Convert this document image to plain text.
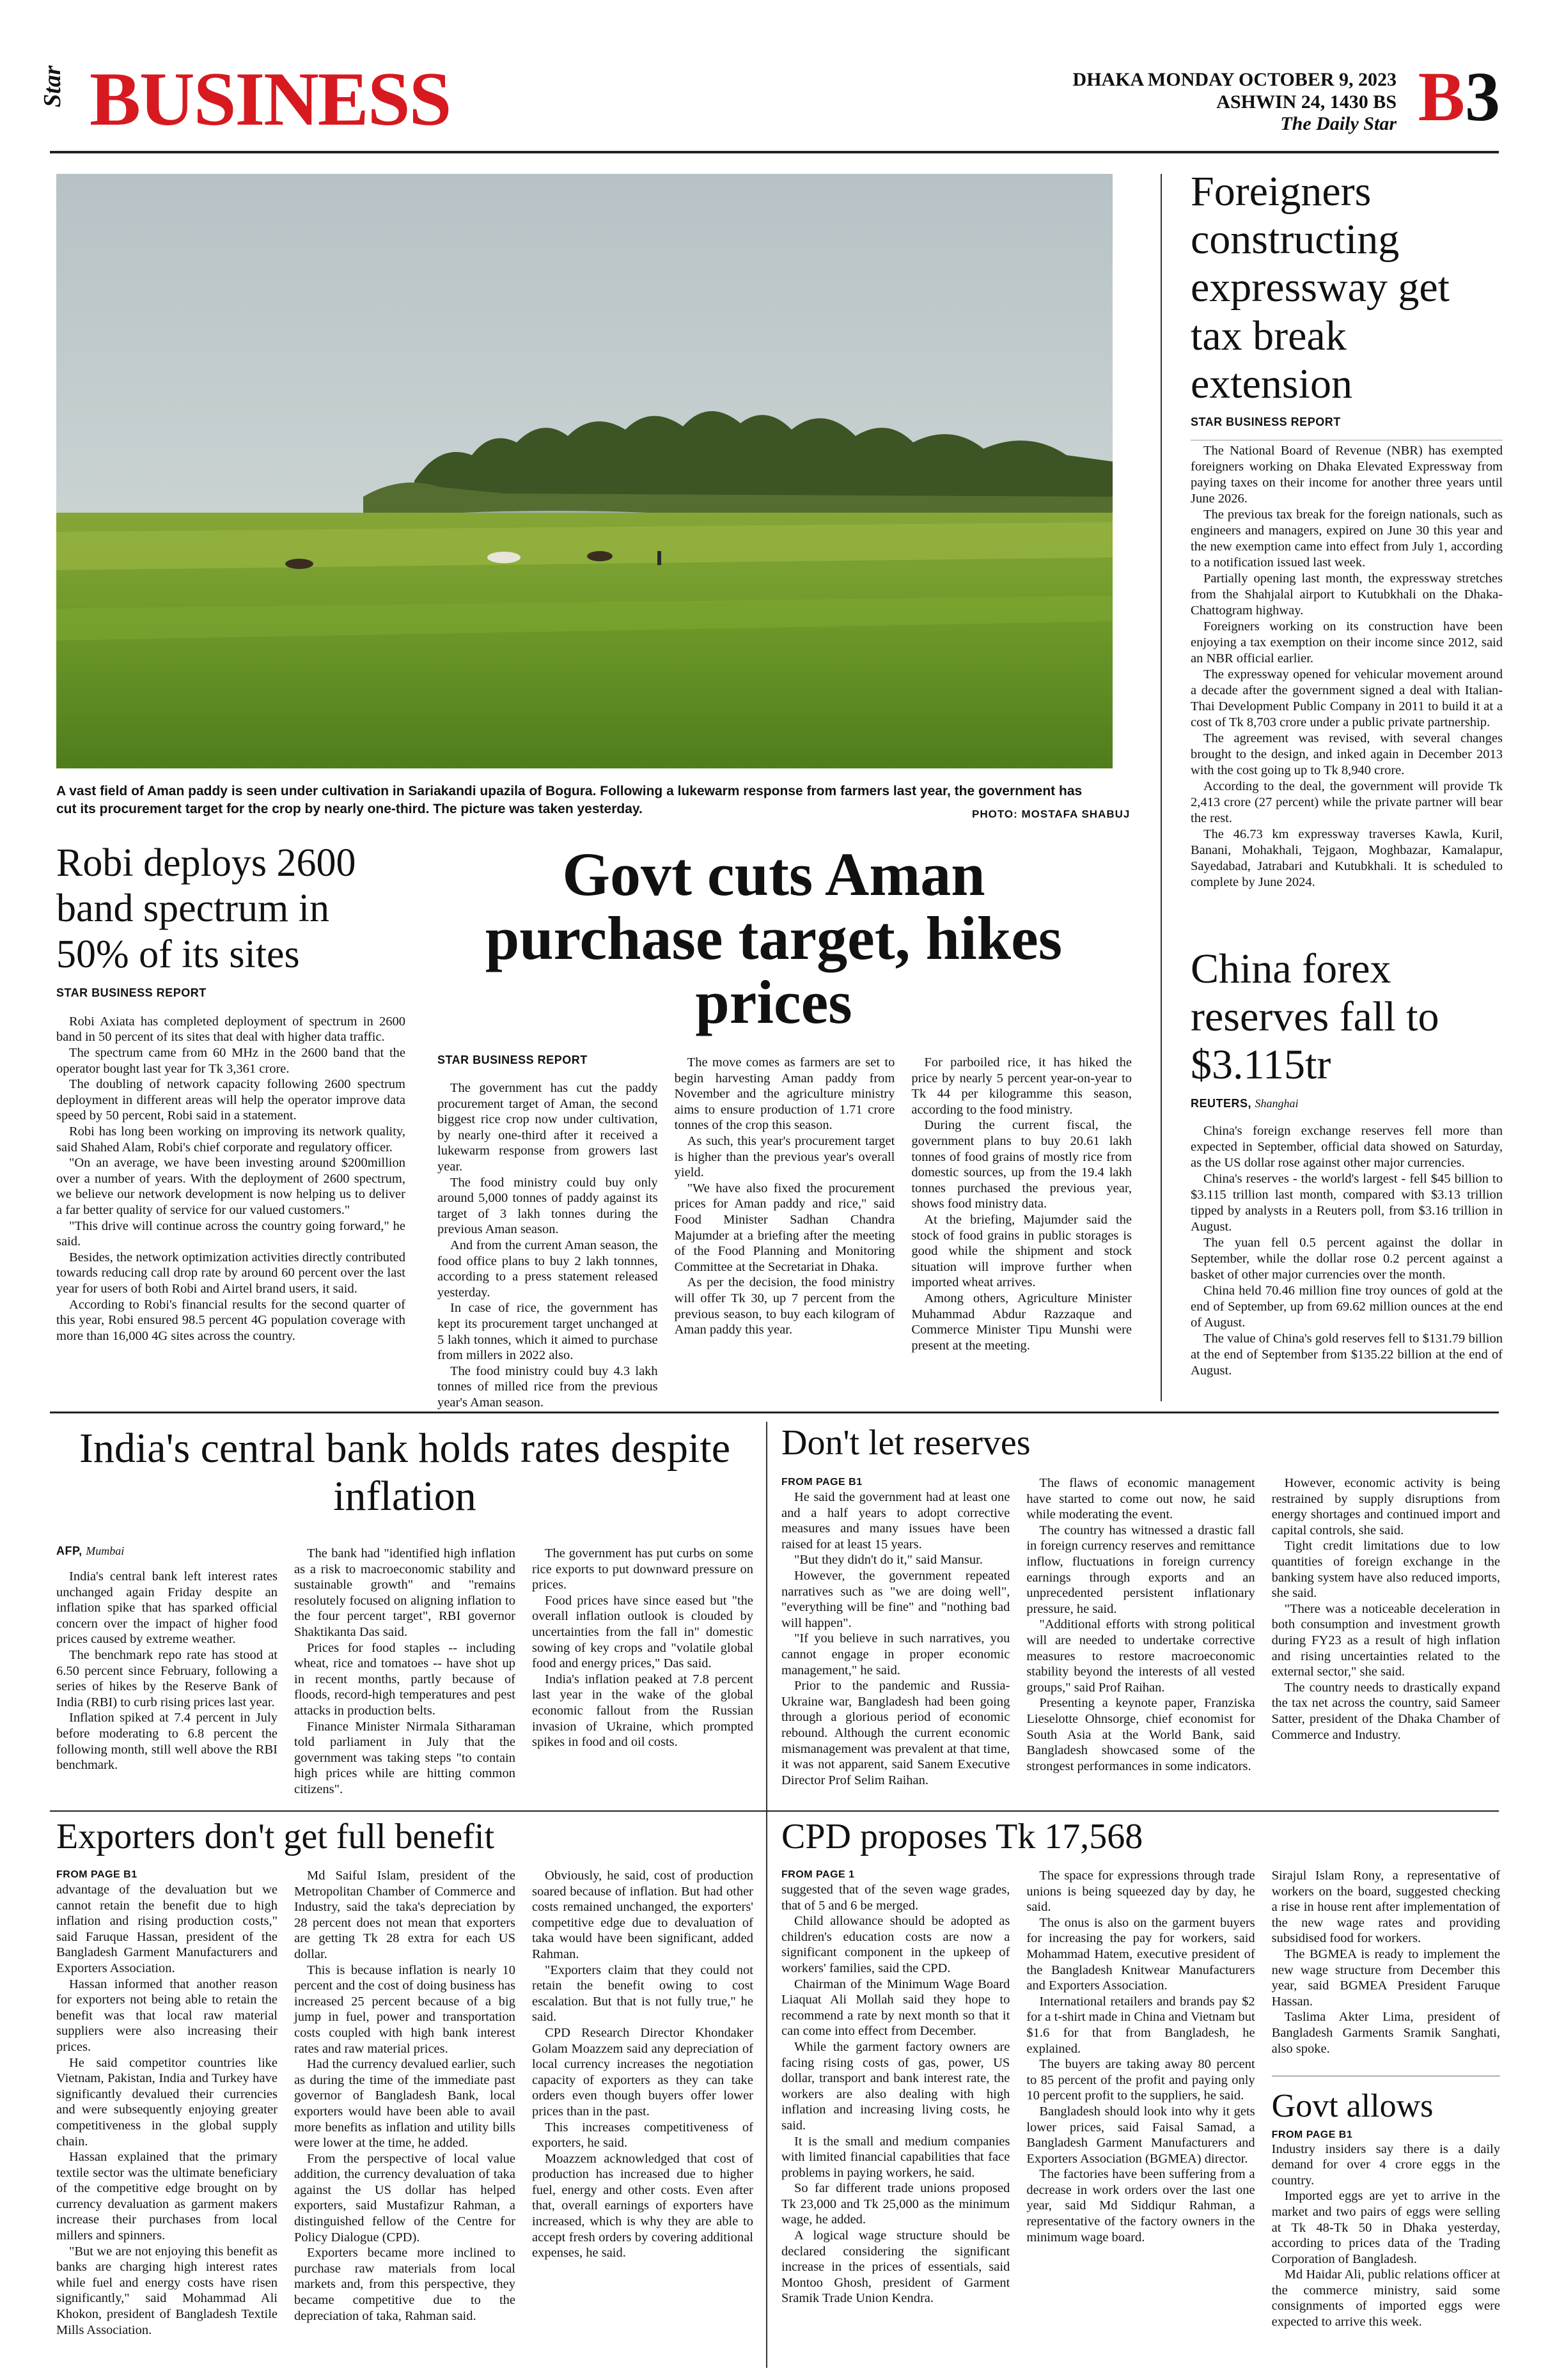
Star BUSINESS	DHAKA MONDAY OCTOBER 9, 2023
ASHWIN 24, 1430 BS
The Daily Star B3
A vast field of Aman paddy is seen under cultivation in Sariakandi upazila of Bogura. Following a lukewarm response from farmers last year, the government has cut its procurement target for the crop by nearly one-third. The picture was taken yesterday.	PHOTO: MOSTAFA SHABUJ
Foreigners constructing expressway get tax break extension
STAR BUSINESS REPORT

The National Board of Revenue (NBR) has exempted foreigners working on Dhaka Elevated Expressway from paying taxes on their income for another three years until June 2026.

The previous tax break for the foreign nationals, such as engineers and managers, expired on June 30 this year and the new exemption came into effect from July 1, according to a notification issued last week.

Partially opening last month, the expressway stretches from the Shahjalal airport to Kutubkhali on the Dhaka-Chattogram highway.

Foreigners working on its construction have been enjoying a tax exemption on their income since 2012, said an NBR official earlier.

The expressway opened for vehicular movement around a decade after the government signed a deal with Italian-Thai Development Public Company in 2011 to build it at a cost of Tk 8,703 crore under a public private partnership.

The agreement was revised, with several changes brought to the design, and inked again in December 2013 with the cost going up to Tk 8,940 crore.

According to the deal, the government will provide Tk 2,413 crore (27 percent) while the private partner will bear the rest.

The 46.73 km expressway traverses Kawla, Kuril, Banani, Mohakhali, Tejgaon, Moghbazar, Kamalapur, Sayedabad, Jatrabari and Kutubkhali. It is scheduled to complete by June 2024.

China forex reserves fall to $3.115tr
REUTERS, Shanghai

China's foreign exchange reserves fell more than expected in September, official data showed on Saturday, as the US dollar rose against other major currencies.

China's reserves - the world's largest - fell $45 billion to $3.115 trillion last month, compared with $3.13 trillion tipped by analysts in a Reuters poll, from $3.16 trillion in August.

The yuan fell 0.5 percent against the dollar in September, while the dollar rose 0.2 percent against a basket of other major currencies over the month.

China held 70.46 million fine troy ounces of gold at the end of September, up from 69.62 million ounces at the end of August.

The value of China's gold reserves fell to $131.79 billion at the end of September from $135.22 billion at the end of August.

Robi deploys 2600 band spectrum in 50% of its sites
STAR BUSINESS REPORT

Robi Axiata has completed deployment of spectrum in 2600 band in 50 percent of its sites that deal with higher data traffic.

The spectrum came from 60 MHz in the 2600 band that the operator bought last year for Tk 3,361 crore.

The doubling of network capacity following 2600 spectrum deployment in different areas will help the operator improve data speed by 50 percent, Robi said in a statement.

Robi has long been working on improving its network quality, said Shahed Alam, Robi's chief corporate and regulatory officer.

"On an average, we have been investing around $200million over a number of years. With the deployment of 2600 spectrum, we believe our network development is now helping us to deliver a far better quality of service for our valued customers."

"This drive will continue across the country going forward," he said.

Besides, the network optimization activities directly contributed towards reducing call drop rate by around 60 percent over the last year for users of both Robi and Airtel brand users, it said.

According to Robi's financial results for the second quarter of this year, Robi ensured 98.5 percent 4G population coverage with more than 16,000 4G sites across the country.

Govt cuts Aman purchase target, hikes prices
STAR BUSINESS REPORT

The government has cut the paddy procurement target of Aman, the second biggest rice crop now under cultivation, by nearly one-third after it received a lukewarm response from growers last year.

The food ministry could buy only around 5,000 tonnes of paddy against its target of 3 lakh tonnes during the previous Aman season.

And from the current Aman season, the food office plans to buy 2 lakh tonnnes, according to a press statement released yesterday.

In case of rice, the government has kept its procurement target unchanged at 5 lakh tonnes, which it aimed to purchase from millers in 2022 also.

The food ministry could buy 4.3 lakh tonnes of milled rice from the previous year's Aman season.

The move comes as farmers are set to begin harvesting Aman paddy from November and the agriculture ministry aims to ensure production of 1.71 crore tonnes of the crop this season.

As such, this year's procurement target is higher than the previous year's overall yield.

"We have also fixed the procurement prices for Aman paddy and rice," said Food Minister Sadhan Chandra Majumder at a briefing after the meeting of the Food Planning and Monitoring Committee at the Secretariat in Dhaka.

As per the decision, the food ministry will offer Tk 30, up 7 percent from the previous season, to buy each kilogram of Aman paddy this year.

For parboiled rice, it has hiked the price by nearly 5 percent year-on-year to Tk 44 per kilogramme this season, according to the food ministry.

During the current fiscal, the government plans to buy 20.61 lakh tonnes of food grains of mostly rice from domestic sources, up from the 19.4 lakh tonnes purchased the previous year, shows food ministry data.

At the briefing, Majumder said the stock of food grains in public storages is good while the shipment and stock situation will improve further when imported wheat arrives.

Among others, Agriculture Minister Muhammad Abdur Razzaque and Commerce Minister Tipu Munshi were present at the meeting.

India's central bank holds rates despite inflation
AFP, Mumbai

India's central bank left interest rates unchanged again Friday despite an inflation spike that has sparked official concern over the impact of higher food prices caused by extreme weather.

The benchmark repo rate has stood at 6.50 percent since February, following a series of hikes by the Reserve Bank of India (RBI) to curb rising prices last year.

Inflation spiked at 7.4 percent in July before moderating to 6.8 percent the following month, still well above the RBI benchmark.

The bank had "identified high inflation as a risk to macroeconomic stability and sustainable growth" and "remains resolutely focused on aligning inflation to the four percent target", RBI governor Shaktikanta Das said.

Prices for food staples -- including wheat, rice and tomatoes -- have shot up in recent months, partly because of floods, record-high temperatures and pest attacks in production belts.

Finance Minister Nirmala Sitharaman told parliament in July that the government was taking steps "to contain high prices while are hitting common citizens".

The government has put curbs on some rice exports to put downward pressure on prices.

Food prices have since eased but "the overall inflation outlook is clouded by uncertainties from the fall in" domestic sowing of key crops and "volatile global food and energy prices," Das said.

India's inflation peaked at 7.8 percent last year in the wake of the global economic fallout from the Russian invasion of Ukraine, which prompted spikes in food and oil costs.

Don't let reserves
FROM PAGE B1

He said the government had at least one and a half years to adopt corrective measures and many issues have been raised for at least 15 years.

"But they didn't do it," said Mansur.

However, the government repeated narratives such as "we are doing well", "everything will be fine" and "nothing bad will happen".

"If you believe in such narratives, you cannot engage in proper economic management," he said.

Prior to the pandemic and Russia-Ukraine war, Bangladesh had been going through a glorious period of economic rebound. Although the current economic mismanagement was prevalent at that time, it was not apparent, said Sanem Executive Director Prof Selim Raihan.

The flaws of economic management have started to come out now, he said while moderating the event.

The country has witnessed a drastic fall in foreign currency reserves and remittance inflow, fluctuations in foreign currency earnings through exports and an unprecedented persistent inflationary pressure, he said.

"Additional efforts with strong political will are needed to undertake corrective measures to restore macroeconomic stability beyond the interests of all vested groups," said Prof Raihan.

Presenting a keynote paper, Franziska Lieselotte Ohnsorge, chief economist for South Asia at the World Bank, said Bangladesh showcased some of the strongest performances in some indicators.

However, economic activity is being restrained by supply disruptions from energy shortages and continued import and capital controls, she said.

Tight credit limitations due to low quantities of foreign exchange in the banking system have also reduced imports, she said.

"There was a noticeable deceleration in both consumption and investment growth during FY23 as a result of high inflation and rising uncertainties related to the external sector," she said.

The country needs to drastically expand the tax net across the country, said Sameer Satter, president of the Dhaka Chamber of Commerce and Industry.

Exporters don't get full benefit
FROM PAGE B1

advantage of the devaluation but we cannot retain the benefit due to high inflation and rising production costs," said Faruque Hassan, president of the Bangladesh Garment Manufacturers and Exporters Association.

Hassan informed that another reason for exporters not being able to retain the benefit was that local raw material suppliers were also increasing their prices.

He said competitor countries like Vietnam, Pakistan, India and Turkey have significantly devalued their currencies and were subsequently enjoying greater competitiveness in the global supply chain.

Hassan explained that the primary textile sector was the ultimate beneficiary of the competitive edge brought on by currency devaluation as garment makers increase their purchases from local millers and spinners.

"But we are not enjoying this benefit as banks are charging high interest rates while fuel and energy costs have risen significantly," said Mohammad Ali Khokon, president of Bangladesh Textile Mills Association.

Md Saiful Islam, president of the Metropolitan Chamber of Commerce and Industry, said the taka's depreciation by 28 percent does not mean that exporters are getting Tk 28 extra for each US dollar.

This is because inflation is nearly 10 percent and the cost of doing business has increased 25 percent because of a big jump in fuel, power and transportation costs coupled with high bank interest rates and raw material prices.

Had the currency devalued earlier, such as during the time of the immediate past governor of Bangladesh Bank, local exporters would have been able to avail more benefits as inflation and utility bills were lower at the time, he added.

From the perspective of local value addition, the currency devaluation of taka against the US dollar has helped exporters, said Mustafizur Rahman, a distinguished fellow of the Centre for Policy Dialogue (CPD).

Exporters became more inclined to purchase raw materials from local markets and, from this perspective, they became competitive due to the depreciation of taka, Rahman said.

Obviously, he said, cost of production soared because of inflation. But had other costs remained unchanged, the exporters' competitive edge due to devaluation of taka would have been significant, added Rahman.

"Exporters claim that they could not retain the benefit owing to cost escalation. But that is not fully true," he said.

CPD Research Director Khondaker Golam Moazzem said any depreciation of local currency increases the negotiation capacity of exporters as they can take orders even though buyers offer lower prices than in the past.

This increases competitiveness of exporters, he said.

Moazzem acknowledged that cost of production has increased due to higher fuel, energy and other costs. Even after that, overall earnings of exporters have increased, which is why they are able to accept fresh orders by covering additional expenses, he said.

CPD proposes Tk 17,568
FROM PAGE 1

suggested that of the seven wage grades, that of 5 and 6 be merged.

Child allowance should be adopted as children's education costs are now a significant component in the upkeep of workers' families, said the CPD.

Chairman of the Minimum Wage Board Liaquat Ali Mollah said they hope to recommend a rate by next month so that it can come into effect from December.

While the garment factory owners are facing rising costs of gas, power, US dollar, transport and bank interest rate, the workers are also dealing with high inflation and increasing living costs, he said.

It is the small and medium companies with limited financial capabilities that face problems in paying workers, he said.

So far different trade unions proposed Tk 23,000 and Tk 25,000 as the minimum wage, he added.

A logical wage structure should be declared considering the significant increase in the prices of essentials, said Montoo Ghosh, president of Garment Sramik Trade Union Kendra.

The space for expressions through trade unions is being squeezed day by day, he said.

The onus is also on the garment buyers for increasing the pay for workers, said Mohammad Hatem, executive president of the Bangladesh Knitwear Manufacturers and Exporters Association.

International retailers and brands pay $2 for a t-shirt made in China and Vietnam but $1.6 for that from Bangladesh, he explained.

The buyers are taking away 80 percent to 85 percent of the profit and paying only 10 percent profit to the suppliers, he said.

Bangladesh should look into why it gets lower prices, said Faisal Samad, a Bangladesh Garment Manufacturers and Exporters Association (BGMEA) director.

The factories have been suffering from a decrease in work orders over the last one year, said Md Siddiqur Rahman, a representative of the factory owners in the minimum wage board.

Sirajul Islam Rony, a representative of workers on the board, suggested checking a rise in house rent after implementation of the new wage rates and providing subsidised food for workers.

The BGMEA is ready to implement the new wage structure from December this year, said BGMEA President Faruque Hassan.

Taslima Akter Lima, president of Bangladesh Garments Sramik Sanghati, also spoke.

Govt allows
FROM PAGE B1

Industry insiders say there is a daily demand for over 4 crore eggs in the country.

Imported eggs are yet to arrive in the market and two pairs of eggs were selling at Tk 48-Tk 50 in Dhaka yesterday, according to prices data of the Trading Corporation of Bangladesh.

Md Haidar Ali, public relations officer at the commerce ministry, said some consignments of imported eggs were expected to arrive this week.
